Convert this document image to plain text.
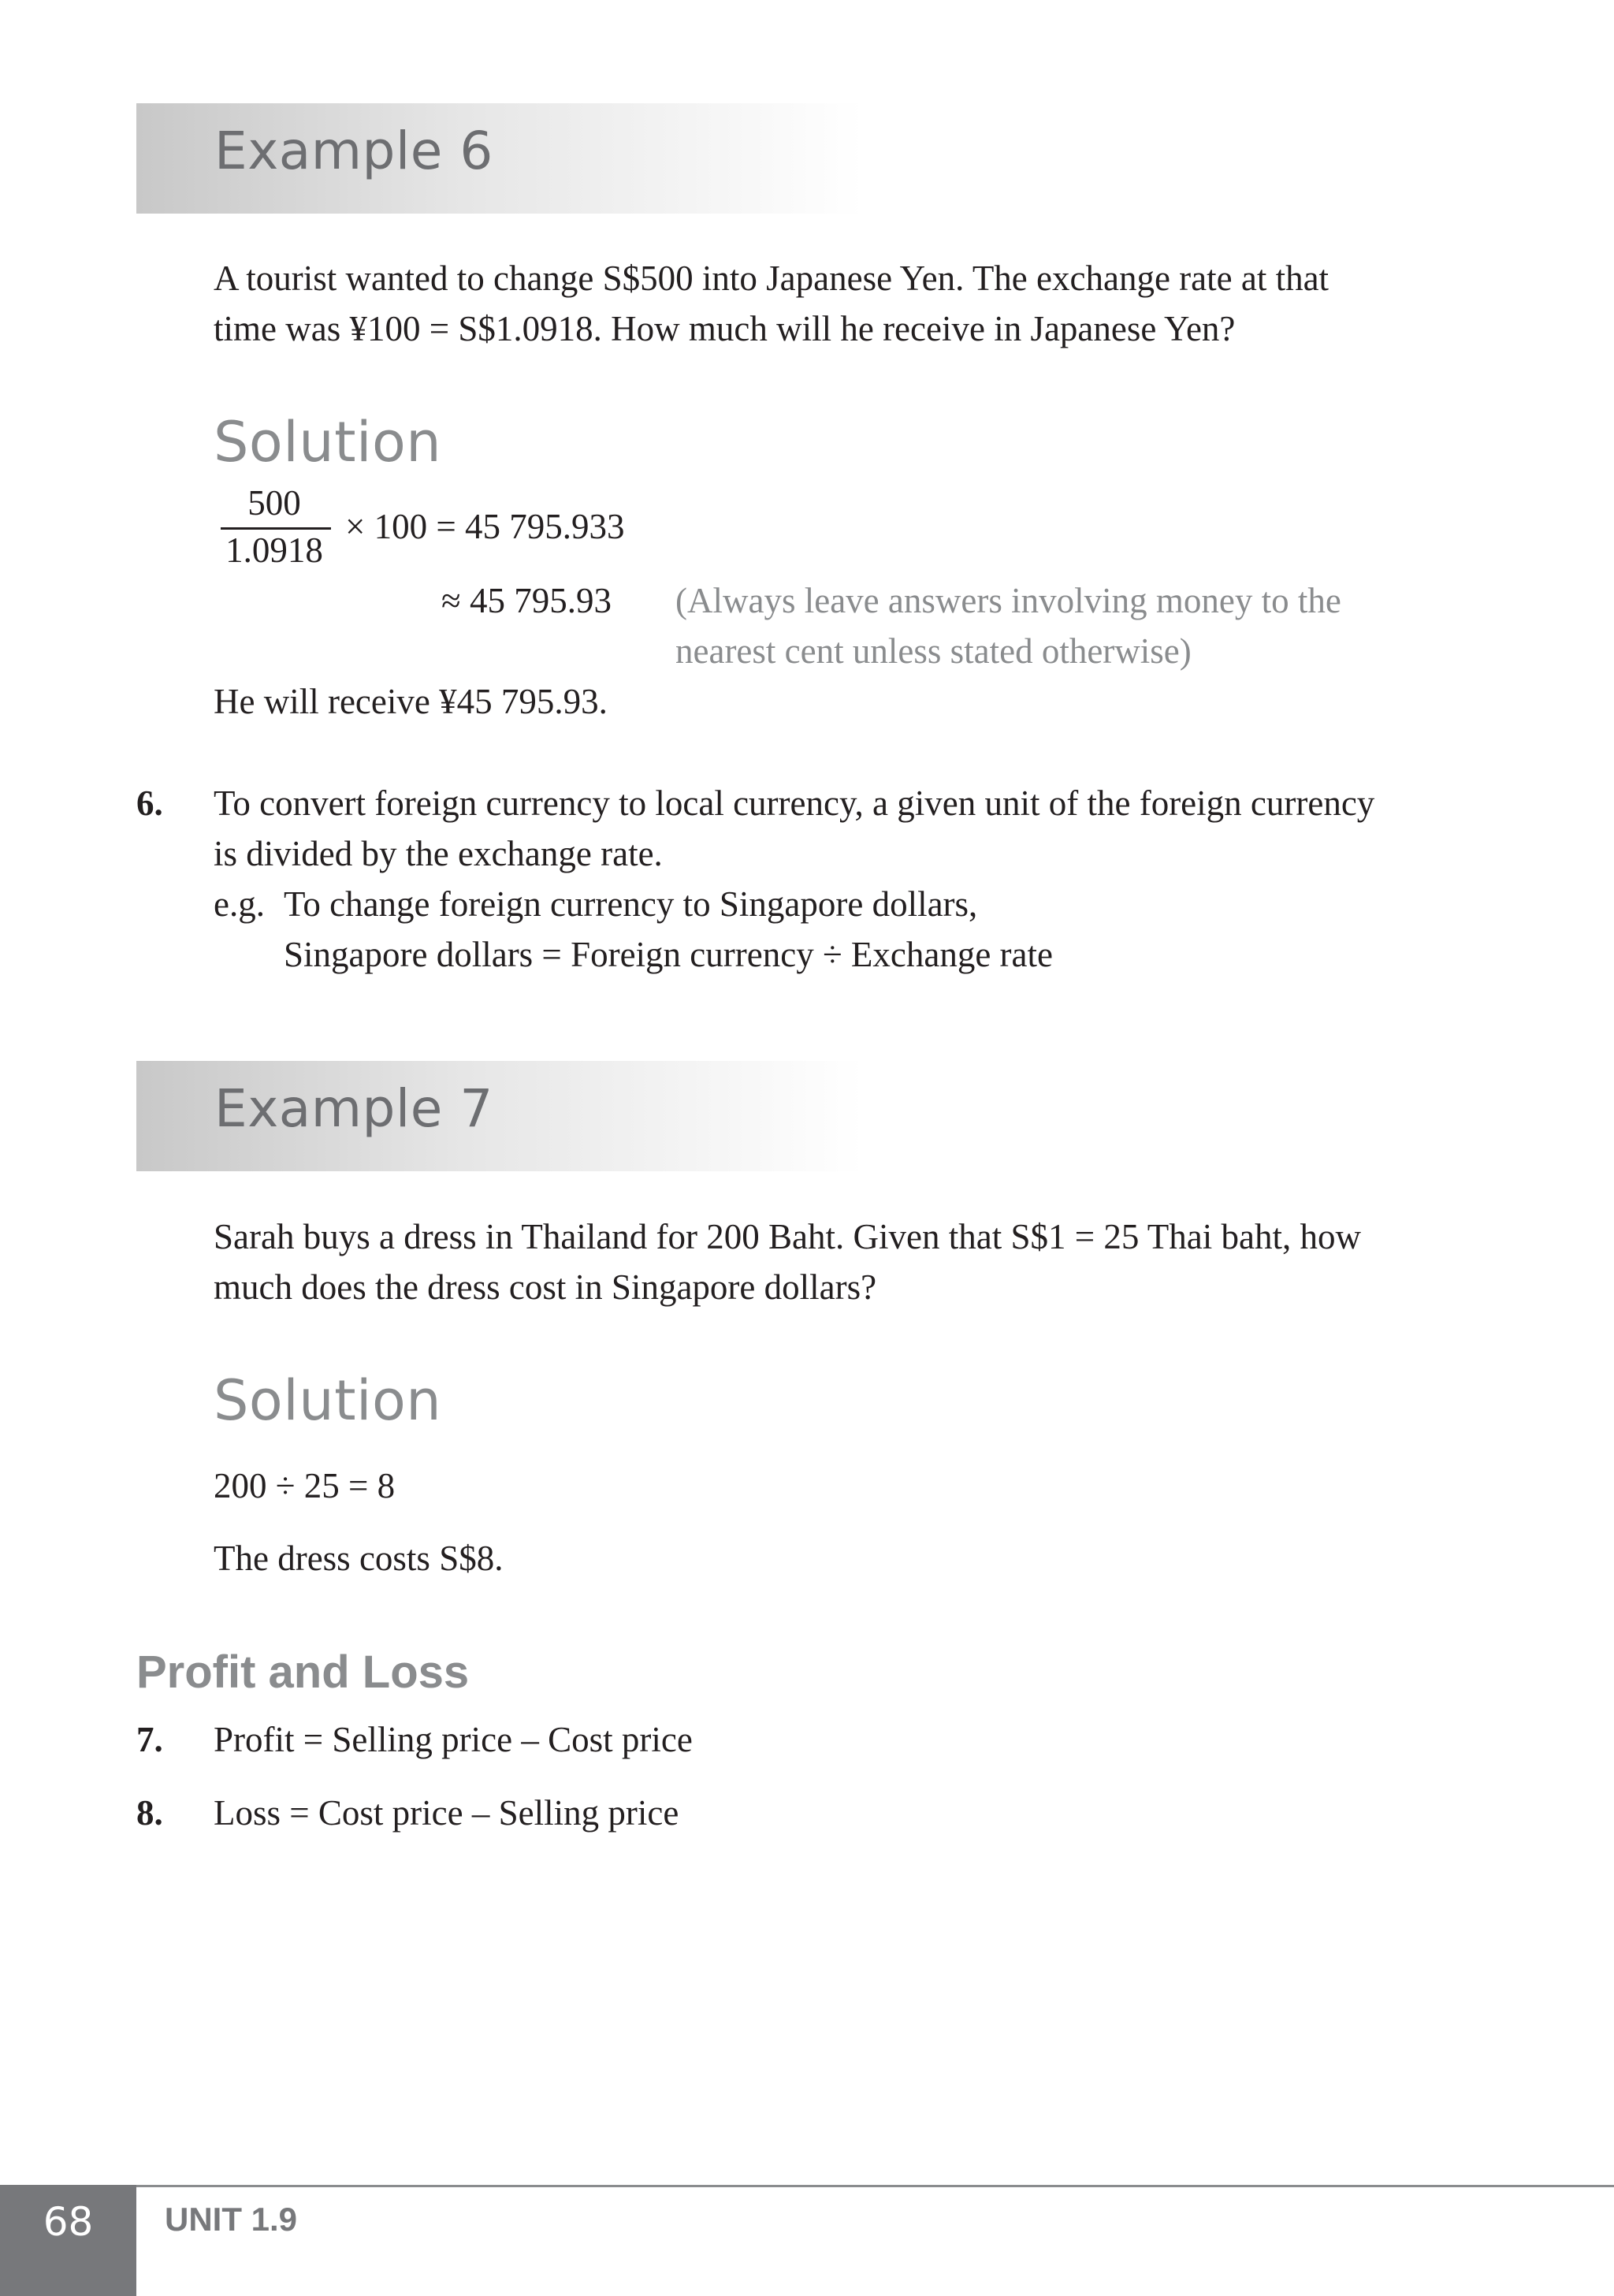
Example 6
A tourist wanted to change S$500 into Japanese Yen. The exchange rate at that
time was ¥100 = S$1.0918. How much will he receive in Japanese Yen?
Solution
500
1.0918
× 100 = 45 795.933
≈ 45 795.93 (Always leave answers involving money to the
nearest cent unless stated otherwise)
He will receive ¥45 795.93.
6. To convert foreign currency to local currency, a given unit of the foreign currency
is divided by the exchange rate.
e.g. To change foreign currency to Singapore dollars,
Singapore dollars = Foreign currency ÷ Exchange rate
Example 7
Sarah buys a dress in Thailand for 200 Baht. Given that S$1 = 25 Thai baht, how
much does the dress cost in Singapore dollars?
Solution
200 ÷ 25 = 8
The dress costs S$8.
Profit and Loss
7. Profit = Selling price – Cost price
8. Loss = Cost price – Selling price
68	UNIT 1.9
